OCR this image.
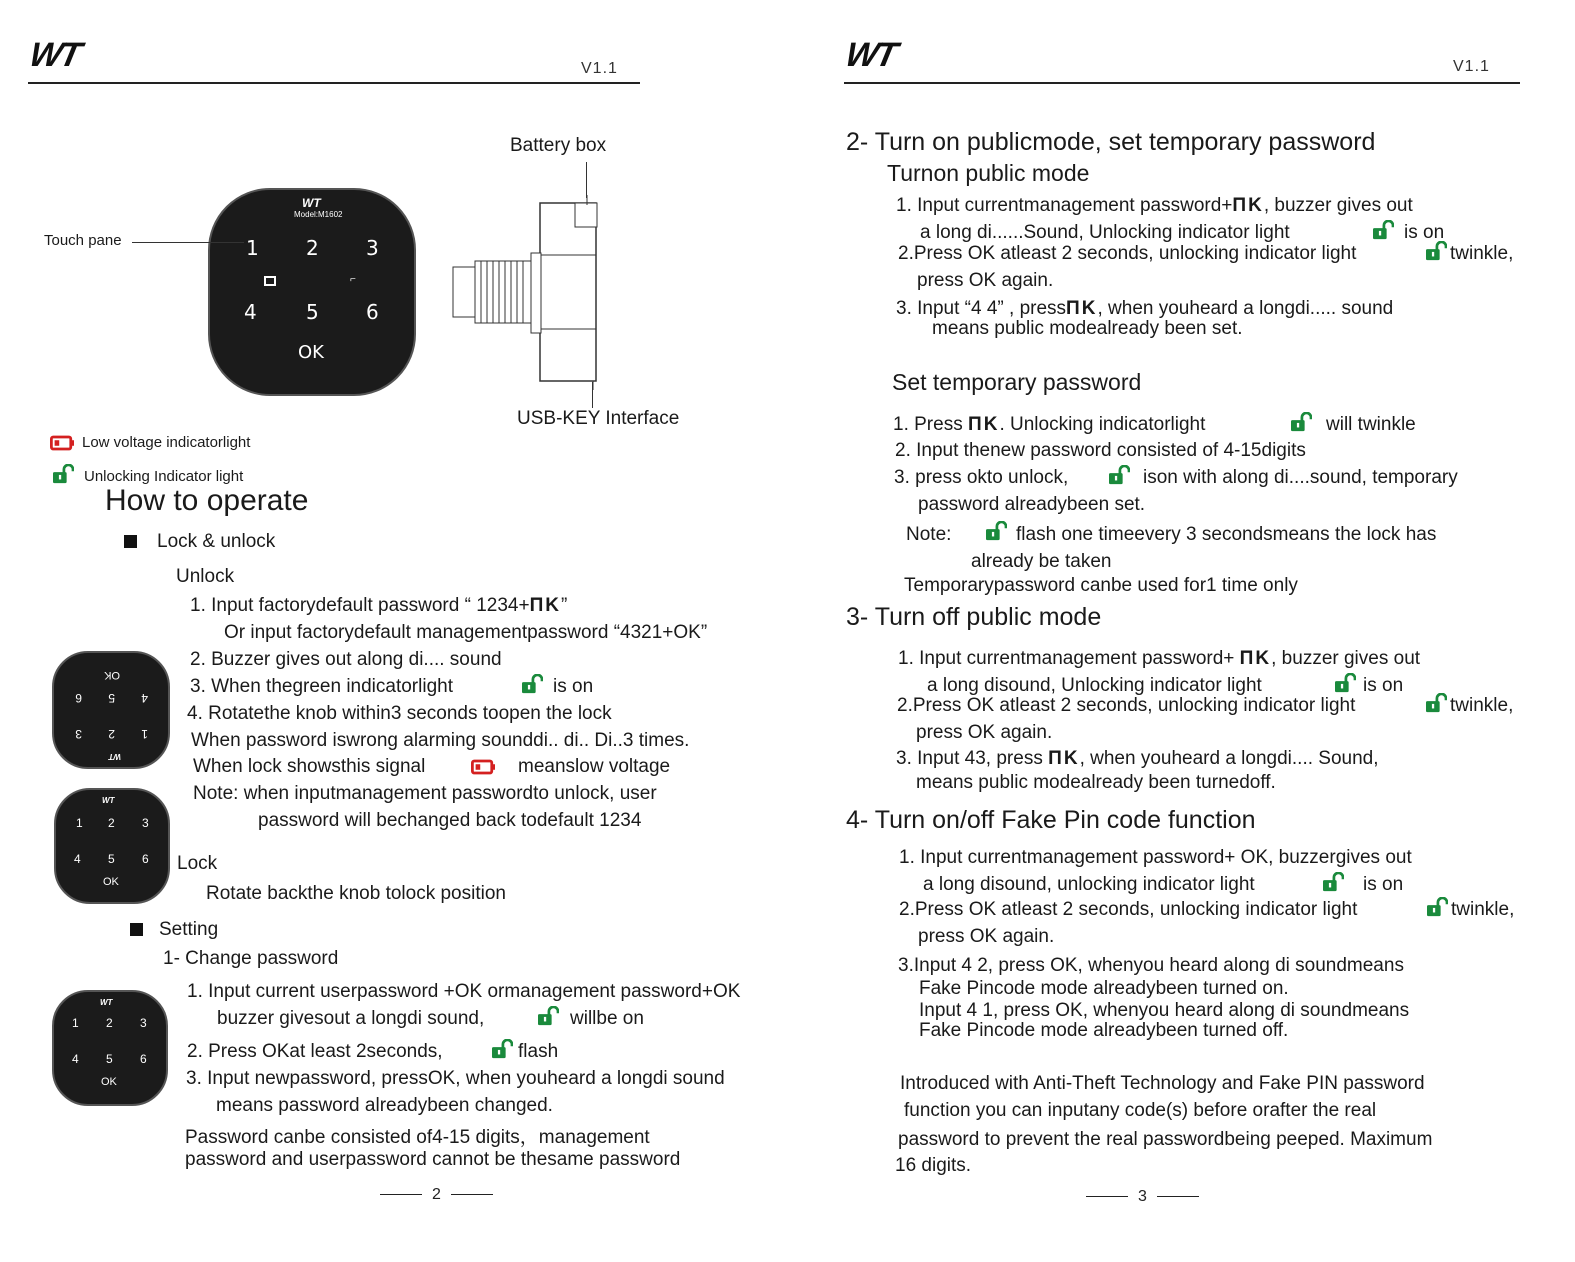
WT	V1.1
WT
Model:M1602
1 2 3
⌐
4 5 6
OK
Battery box
USB-KEY Interface
Touch pane
Low voltage indicatorlight
Unlocking Indicator light
How to operate
Lock & unlock
Unlock
1. Input factorydefault password “ 1234+ΠK”
Or input factorydefault managementpassword “4321+OK”
2. Buzzer gives out along di.... sound
3. When thegreen indicatorlight	is on
4. Rotatethe knob within3 seconds toopen the lock
When password iswrong alarming sounddi.. di.. Di..3 times.
When lock showsthis signal	meanslow voltage
Note: when inputmanagement passwordto unlock, user
password will bechanged back todefault 1234
WT
1
2
3
4
5
6
OK
WT
1 2 3
4 5 6
OK
Lock
Rotate backthe knob tolock position
Setting
1- Change password
WT
1 2 3
4 5 6
OK
1. Input current userpassword +OK ormanagement password+OK
buzzer givesout a longdi sound,	willbe on
2. Press OKat least 2seconds,	flash
3. Input newpassword, pressOK, when youheard a longdi sound
means password alreadybeen changed.
Password canbe consisted of4-15 digits，management
password and userpassword cannot be thesame password
2
WT	V1.1
2- Turn on publicmode, set temporary password
Turnon public mode
1. Input currentmanagement password+ΠK, buzzer gives out
a long di......Sound, Unlocking indicator light	is on
2.Press OK atleast 2 seconds, unlocking indicator light	twinkle,
press OK again.
3. Input “4 4” , pressΠK, when youheard a longdi..... sound
means public modealready been set.
Set temporary password
1. Press ΠK. Unlocking indicatorlight	will twinkle
2. Input thenew password consisted of 4-15digits
3. press okto unlock,	ison with along di....sound, temporary
password alreadybeen set.
Note:	flash one timeevery 3 secondsmeans the lock has
already be taken
Temporarypassword canbe used for1 time only
3- Turn off public mode
1. Input currentmanagement password+ ΠK, buzzer gives out
a long disound, Unlocking indicator light	is on
2.Press OK atleast 2 seconds, unlocking indicator light	twinkle,
press OK again.
3. Input 43, press ΠK, when youheard a longdi.... Sound,
means public modealready been turnedoff.
4- Turn on/off Fake Pin code function
1. Input currentmanagement password+ OK, buzzergives out
a long disound, unlocking indicator light	is on
2.Press OK atleast 2 seconds, unlocking indicator light	twinkle,
press OK again.
3.Input 4 2, press OK, whenyou heard along di soundmeans
Fake Pincode mode alreadybeen turned on.
Input 4 1, press OK, whenyou heard along di soundmeans
Fake Pincode mode alreadybeen turned off.
Introduced with Anti-Theft Technology and Fake PIN password
function you can inputany code(s) before orafter the real
password to prevent the real passwordbeing peeped. Maximum
16 digits.
3
